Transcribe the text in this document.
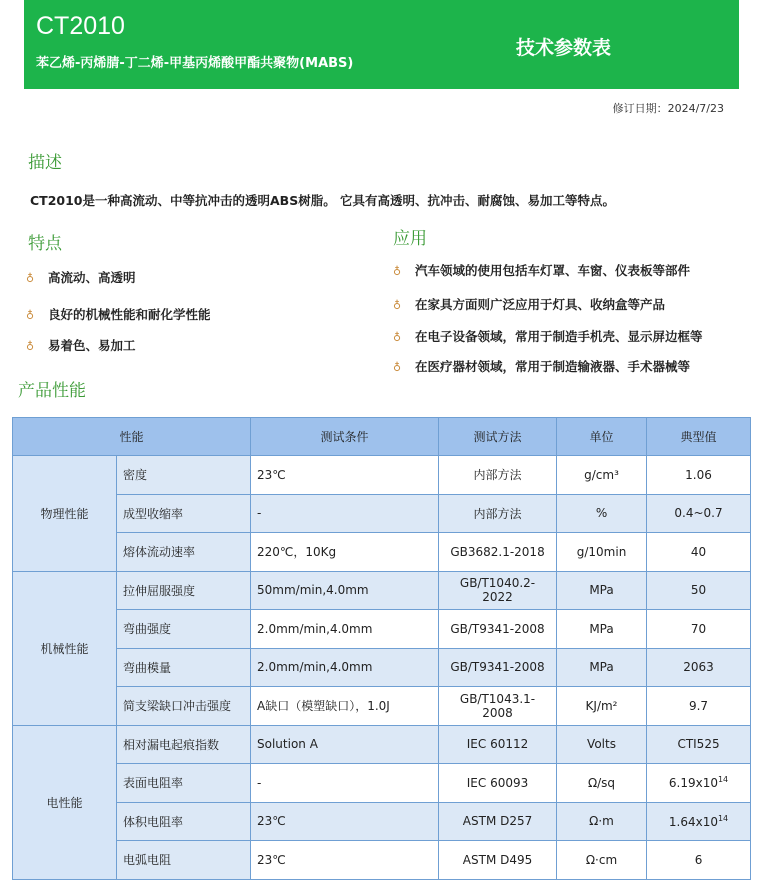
CT2010
苯乙烯-丙烯腈-丁二烯-甲基丙烯酸甲酯共聚物(MABS)
技术参数表
修订日期：2024/7/23
描述
CT2010是一种高流动、中等抗冲击的透明ABS树脂。 它具有高透明、抗冲击、耐腐蚀、易加工等特点。
特点
♁ 高流动、高透明
♁ 良好的机械性能和耐化学性能
♁ 易着色、易加工
应用
♁ 汽车领域的使用包括车灯罩、车窗、仪表板等部件
♁ 在家具方面则广泛应用于灯具、收纳盒等产品
♁ 在电子设备领域，常用于制造手机壳、显示屏边框等
♁ 在医疗器材领域，常用于制造输液器、手术器械等
产品性能
性能		测试条件	测试方法	单位	典型值
物理性能	密度	23℃	内部方法	g/cm³	1.06
	成型收缩率	-	内部方法	%	0.4~0.7
	熔体流动速率	220℃，10Kg	GB3682.1-2018	g/10min	40
机械性能	拉伸屈服强度	50mm/min,4.0mm	GB/T1040.2-2022	MPa	50
	弯曲强度	2.0mm/min,4.0mm	GB/T9341-2008	MPa	70
	弯曲模量	2.0mm/min,4.0mm	GB/T9341-2008	MPa	2063
	简支梁缺口冲击强度	A缺口（模塑缺口），1.0J	GB/T1043.1-2008	KJ/m²	9.7
电性能	相对漏电起痕指数	Solution A	IEC 60112	Volts	CTI525
	表面电阻率	-	IEC 60093	Ω/sq	$6.19x10^{14}$
	体积电阻率	23℃	ASTM D257	Ω·m	$1.64x10^{14}$
	电弧电阻	23℃	ASTM D495	Ω·cm	6
